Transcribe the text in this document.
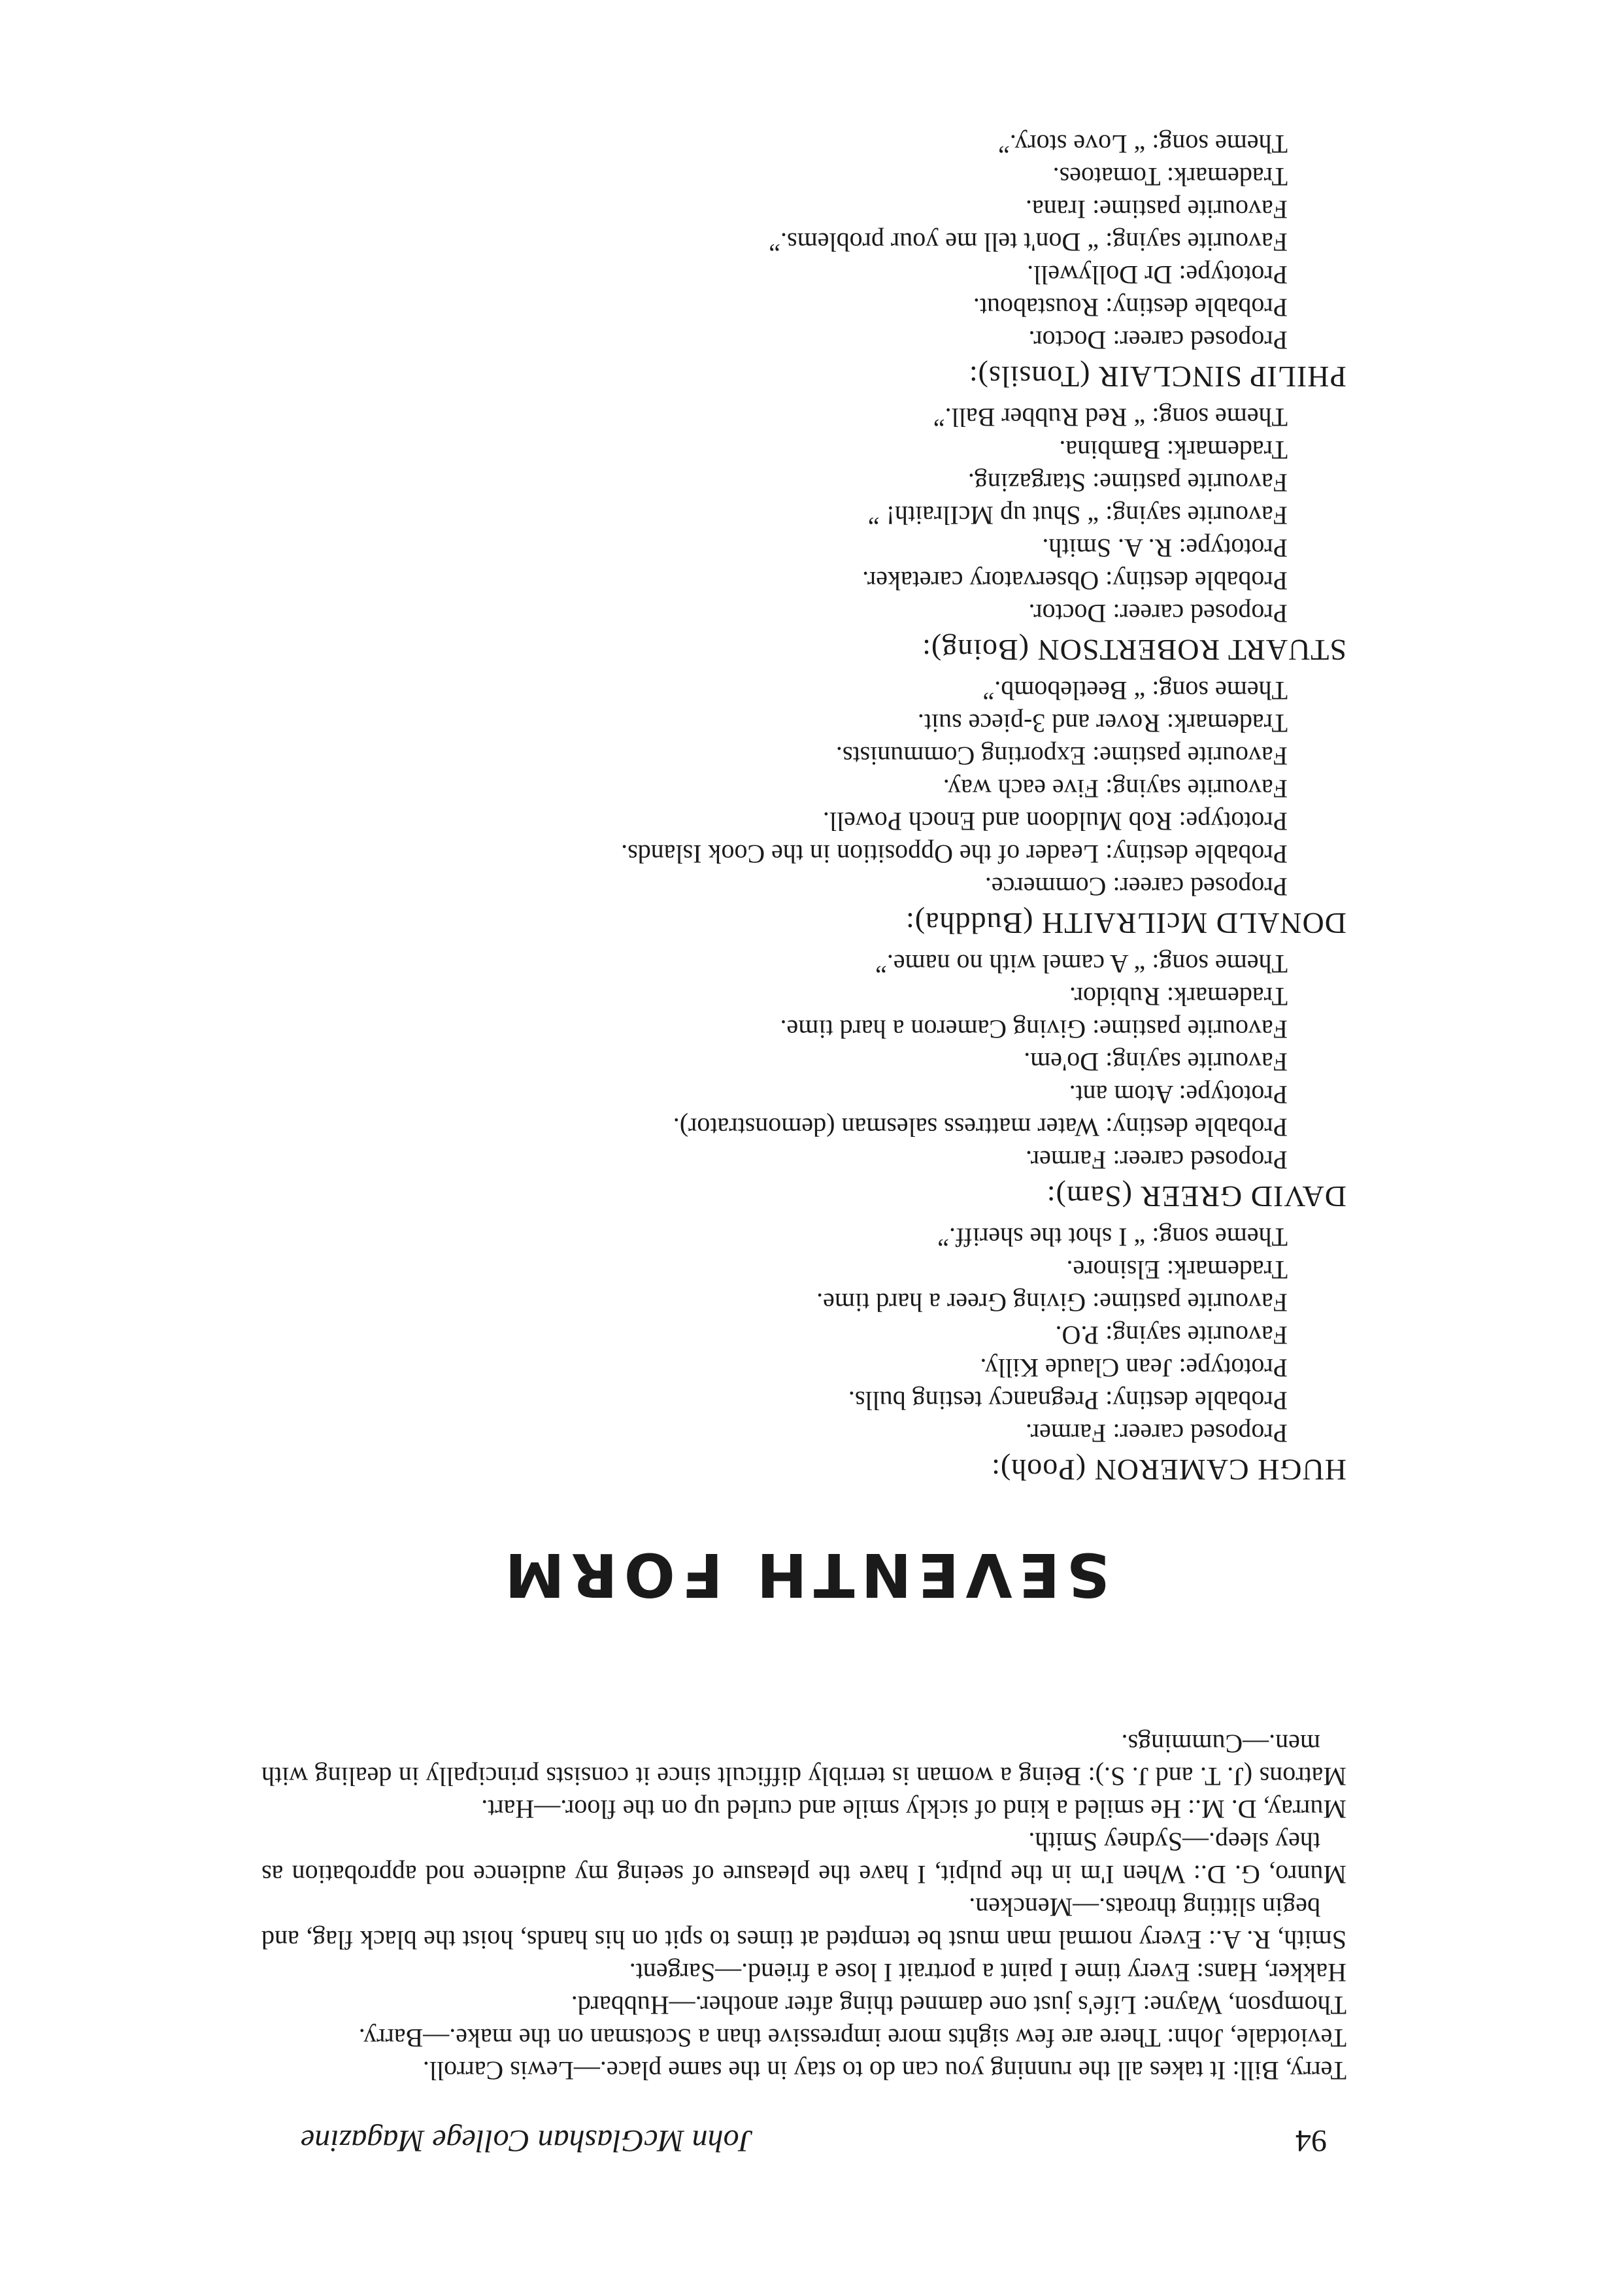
94
John McGlashan College Magazine

Terry, Bill: It takes all the running you can do to stay in the same place.—Lewis Carroll.

Teviotdale, John: There are few sights more impressive than a Scotsman on the make.—Barry.

Thompson, Wayne: Life's just one damned thing after another.—Hubbard.

Hakker, Hans: Every time I paint a portrait I lose a friend.—Sargent.

Smith, R. A.: Every normal man must be tempted at times to spit on his hands, hoist the black flag, and begin slitting throats.—Mencken.

Munro, G. D.: When I'm in the pulpit, I have the pleasure of seeing my audience nod approbation as they sleep.—Sydney Smith.

Murray, D. M.: He smiled a kind of sickly smile and curled up on the floor.—Hart.

Matrons (J. T. and J. S.): Being a woman is terribly difficult since it consists principally in dealing with men.—Cummings.

SEVENTH FORM

HUGH CAMERON (Pooh):

Proposed career: Farmer.

Probable destiny: Pregnancy testing bulls.

Prototype: Jean Claude Killy.

Favourite saying: P.O.

Favourite pastime: Giving Greer a hard time.

Trademark: Elsinore.

Theme song: “ I shot the sheriff.”

DAVID GREER (Sam):

Proposed career: Farmer.

Probable destiny: Water mattress salesman (demonstrator).

Prototype: Atom ant.

Favourite saying: Do'em.

Favourite pastime: Giving Cameron a hard time.

Trademark: Rubidor.

Theme song: “ A camel with no name.”

DONALD McILRAITH (Buddha):

Proposed career: Commerce.

Probable destiny: Leader of the Opposition in the Cook Islands.

Prototype: Rob Muldoon and Enoch Powell.

Favourite saying: Five each way.

Favourite pastime: Exporting Communists.

Trademark: Rover and 3-piece suit.

Theme song: “ Beetlebomb.”

STUART ROBERTSON (Boing):

Proposed career: Doctor.

Probable destiny: Observatory caretaker.

Prototype: R. A. Smith.

Favourite saying: “ Shut up McIlraith! ”

Favourite pastime: Stargazing.

Trademark: Bambina.

Theme song: “ Red Rubber Ball.”

PHILIP SINCLAIR (Tonsils):

Proposed career: Doctor.

Probable destiny: Roustabout.

Prototype: Dr Dollywell.

Favourite saying: “ Don't tell me your problems.”

Favourite pastime: Irana.

Trademark: Tomatoes.

Theme song: “ Love story.”
